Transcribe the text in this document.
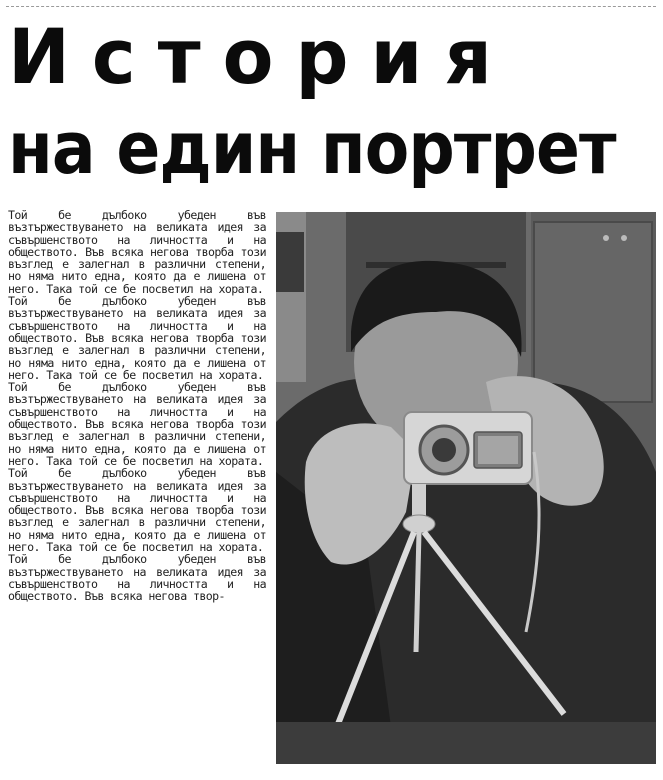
История
на един портрет

Той бе дълбоко убеден във възтържествуването на великата идея за съвършенството на личността и на обществото. Във всяка негова творба този възглед е залегнал в различни степени, но няма нито една, която да е лишена от него. Така той се бе посветил на хората.

Той бе дълбоко убеден във възтържествуването на великата идея за съвършенството на личността и на обществото. Във всяка негова творба този възглед е залегнал в различни степени, но няма нито една, която да е лишена от него. Така той се бе посветил на хората.

Той бе дълбоко убеден във възтържествуването на великата идея за съвършенството на личността и на обществото. Във всяка негова творба този възглед е залегнал в различни степени, но няма нито една, която да е лишена от него. Така той се бе посветил на хората.

Той бе дълбоко убеден във възтържествуването на великата идея за съвършенството на личността и на обществото. Във всяка негова творба този възглед е залегнал в различни степени, но няма нито една, която да е лишена от него. Така той се бе посветил на хората.

Той бе дълбоко убеден във възтържествуването на великата идея за съвършенството на личността и на обществото. Във всяка негова твор-
